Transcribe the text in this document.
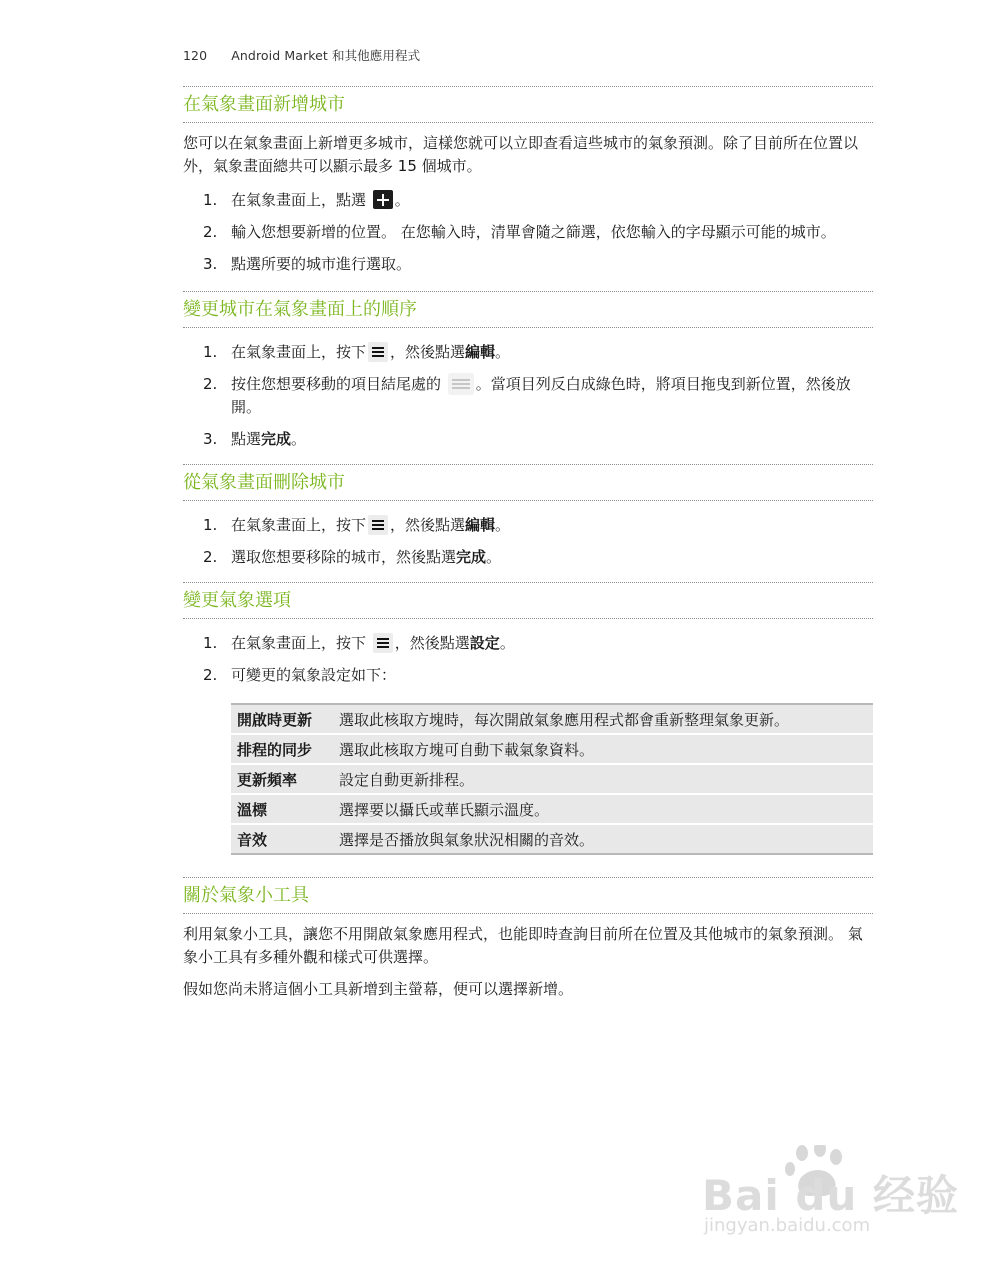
120 Android Market 和其他應用程式
在氣象畫面新增城市

您可以在氣象畫面上新增更多城市，這樣您就可以立即查看這些城市的氣象預測。除了目前所在位置以外，氣象畫面總共可以顯示最多 15 個城市。

1. 在氣象畫面上，點選 。
2. 輸入您想要新增的位置。 在您輸入時，清單會隨之篩選，依您輸入的字母顯示可能的城市。
3. 點選所要的城市進行選取。
變更城市在氣象畫面上的順序
1. 在氣象畫面上，按下 ，然後點選編輯。
2. 按住您想要移動的項目結尾處的
。當項目列反白成綠色時，將項目拖曳到新位置，然後放開。
3. 點選完成。
從氣象畫面刪除城市
1. 在氣象畫面上，按下 ，然後點選編輯。
2. 選取您想要移除的城市，然後點選完成。
變更氣象選項
1. 在氣象畫面上，按下
，然後點選設定。
2. 可變更的氣象設定如下：
開啟時更新	選取此核取方塊時，每次開啟氣象應用程式都會重新整理氣象更新。
排程的同步	選取此核取方塊可自動下載氣象資料。
更新頻率	設定自動更新排程。
溫標	選擇要以攝氏或華氏顯示溫度。
音效	選擇是否播放與氣象狀況相關的音效。
關於氣象小工具

利用氣象小工具，讓您不用開啟氣象應用程式，也能即時查詢目前所在位置及其他城市的氣象預測。 氣象小工具有多種外觀和樣式可供選擇。

假如您尚未將這個小工具新增到主螢幕，便可以選擇新增。

Bai du 经验
jingyan.baidu.com
